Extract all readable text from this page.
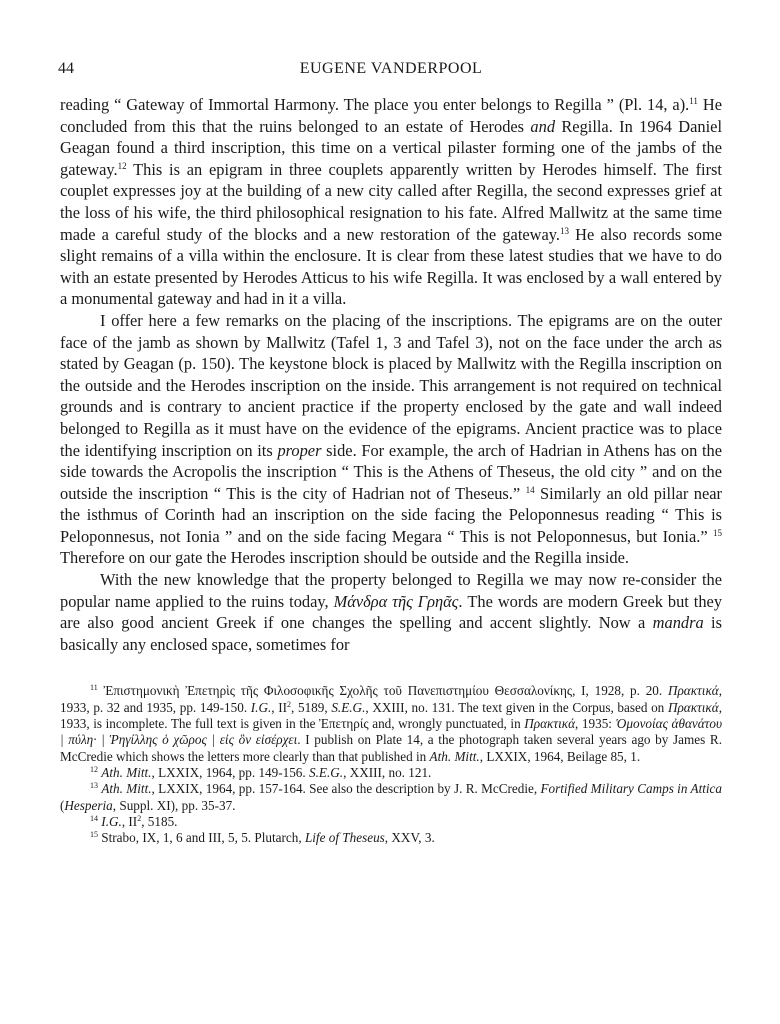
44	EUGENE VANDERPOOL

reading “ Gateway of Immortal Harmony. The place you enter belongs to Regilla ” (Pl. 14, a).$^{11}$ He concluded from this that the ruins belonged to an estate of Herodes and Regilla. In 1964 Daniel Geagan found a third inscription, this time on a vertical pilaster forming one of the jambs of the gateway.$^{12}$ This is an epigram in three couplets apparently written by Herodes himself. The first couplet expresses joy at the building of a new city called after Regilla, the second expresses grief at the loss of his wife, the third philosophical resignation to his fate. Alfred Mallwitz at the same time made a careful study of the blocks and a new restoration of the gateway.$^{13}$ He also records some slight remains of a villa within the enclosure. It is clear from these latest studies that we have to do with an estate presented by Herodes Atticus to his wife Regilla. It was enclosed by a wall entered by a monumental gateway and had in it a villa.

I offer here a few remarks on the placing of the inscriptions. The epigrams are on the outer face of the jamb as shown by Mallwitz (Tafel 1, 3 and Tafel 3), not on the face under the arch as stated by Geagan (p. 150). The keystone block is placed by Mallwitz with the Regilla inscription on the outside and the Herodes inscription on the inside. This arrangement is not required on technical grounds and is contrary to ancient practice if the property enclosed by the gate and wall indeed belonged to Regilla as it must have on the evidence of the epigrams. Ancient practice was to place the identifying inscription on its proper side. For example, the arch of Hadrian in Athens has on the side towards the Acropolis the inscription “ This is the Athens of Theseus, the old city ” and on the outside the inscription “ This is the city of Hadrian not of Theseus.” $^{14}$ Similarly an old pillar near the isthmus of Corinth had an inscription on the side facing the Peloponnesus reading “ This is Peloponnesus, not Ionia ” and on the side facing Megara “ This is not Peloponnesus, but Ionia.” $^{15}$ Therefore on our gate the Herodes inscription should be outside and the Regilla inside.

With the new knowledge that the property belonged to Regilla we may now re-consider the popular name applied to the ruins today, Μάνδρα τῆς Γρηᾶς. The words are modern Greek but they are also good ancient Greek if one changes the spelling and accent slightly. Now a mandra is basically any enclosed space, sometimes for

$^{11}$ Ἐπιστημονικὴ Ἐπετηρὶς τῆς Φιλοσοφικῆς Σχολῆς τοῦ Πανεπιστημίου Θεσσαλονίκης, I, 1928, p. 20. Πρακτικά, 1933, p. 32 and 1935, pp. 149-150. I.G., $II^2$, 5189, S.E.G., XXIII, no. 131. The text given in the Corpus, based on Πρακτικά, 1933, is incomplete. The full text is given in the Ἐπετηρίς and, wrongly punctuated, in Πρακτικά, 1935: Ὁμονοίας ἀθανάτου | πύλη· | Ῥηγίλλης ὁ χῶρος | εἰς ὃν εἰσέρχει. I publish on Plate 14, a the photograph taken several years ago by James R. McCredie which shows the letters more clearly than that published in Ath. Mitt., LXXIX, 1964, Beilage 85, 1.

$^{12}$ Ath. Mitt., LXXIX, 1964, pp. 149-156. S.E.G., XXIII, no. 121.

$^{13}$ Ath. Mitt., LXXIX, 1964, pp. 157-164. See also the description by J. R. McCredie, Fortified Military Camps in Attica (Hesperia, Suppl. XI), pp. 35-37.

$^{14}$ I.G., $II^2$, 5185.

$^{15}$ Strabo, IX, 1, 6 and III, 5, 5. Plutarch, Life of Theseus, XXV, 3.
